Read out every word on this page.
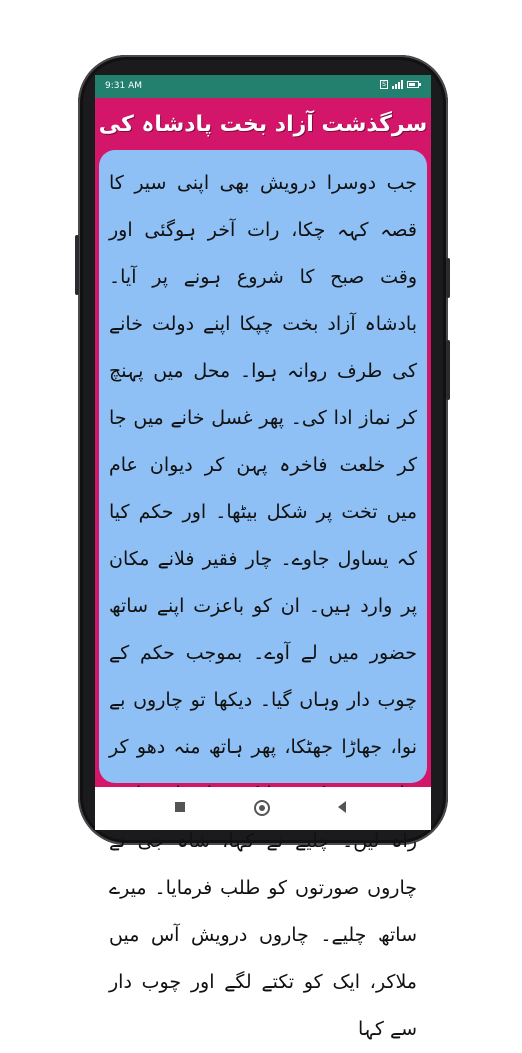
9:31 AM	S
سرگذشت آزاد بخت پادشاہ کی

جب دوسرا درویش بھی اپنی سیر کا قصہ کہہ چکا، رات آخر ہوگئی اور وقت صبح کا شروع ہونے پر آیا۔ بادشاہ آزاد بخت چپکا اپنے دولت خانے کی طرف روانہ ہوا۔ محل میں پہنچ کر نماز ادا کی۔ پھر غسل خانے میں جا کر خلعت فاخرہ پہن کر دیوان عام میں تخت پر شکل بیٹھا۔ اور حکم کیا کہ یساول جاوے۔ چار فقیر فلانے مکان پر وارد ہیں۔ ان کو باعزت اپنے ساتھ حضور میں لے آوے۔ بموجب حکم کے چوب دار وہاں گیا۔ دیکھا تو چاروں بے نوا، جھاڑا جھٹکا، پھر ہاتھ منہ دھو کر راہ لیں۔ چلیے نے کہا، شاہ جی نے چاروں صورتوں کو طلب فرمایا۔ میرے ساتھ چلیے۔ چاروں درویش آس میں ملاکر، ایک کو تکتے لگے اور چوب دار سے کہا
